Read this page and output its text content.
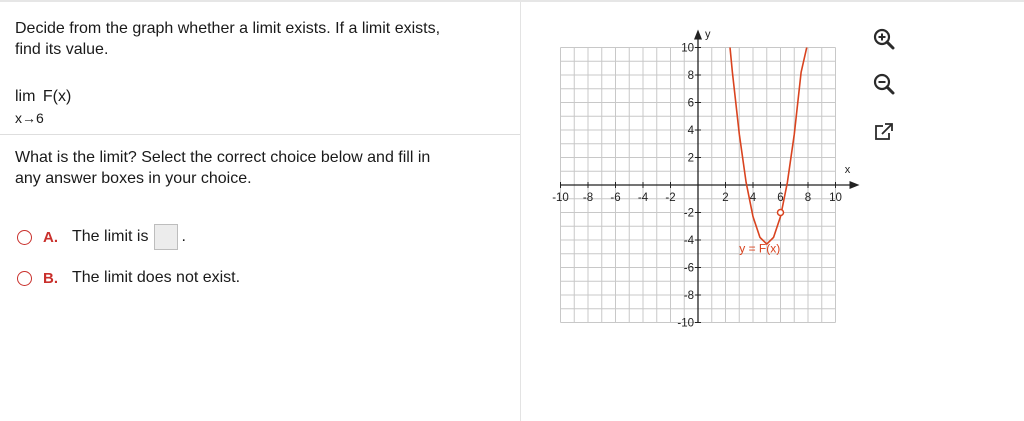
Decide from the graph whether a limit exists. If a limit exists,
find its value.
lim F(x)
x→6
What is the limit? Select the correct choice below and fill in
any answer boxes in your choice.
A. The limit is .
B. The limit does not exist.
-10 -8 -6 -4 -2	2 4 6 8 10
10
8
6
4
2
-2
-4
-6
-8
-10
x
y
y = F(x)
